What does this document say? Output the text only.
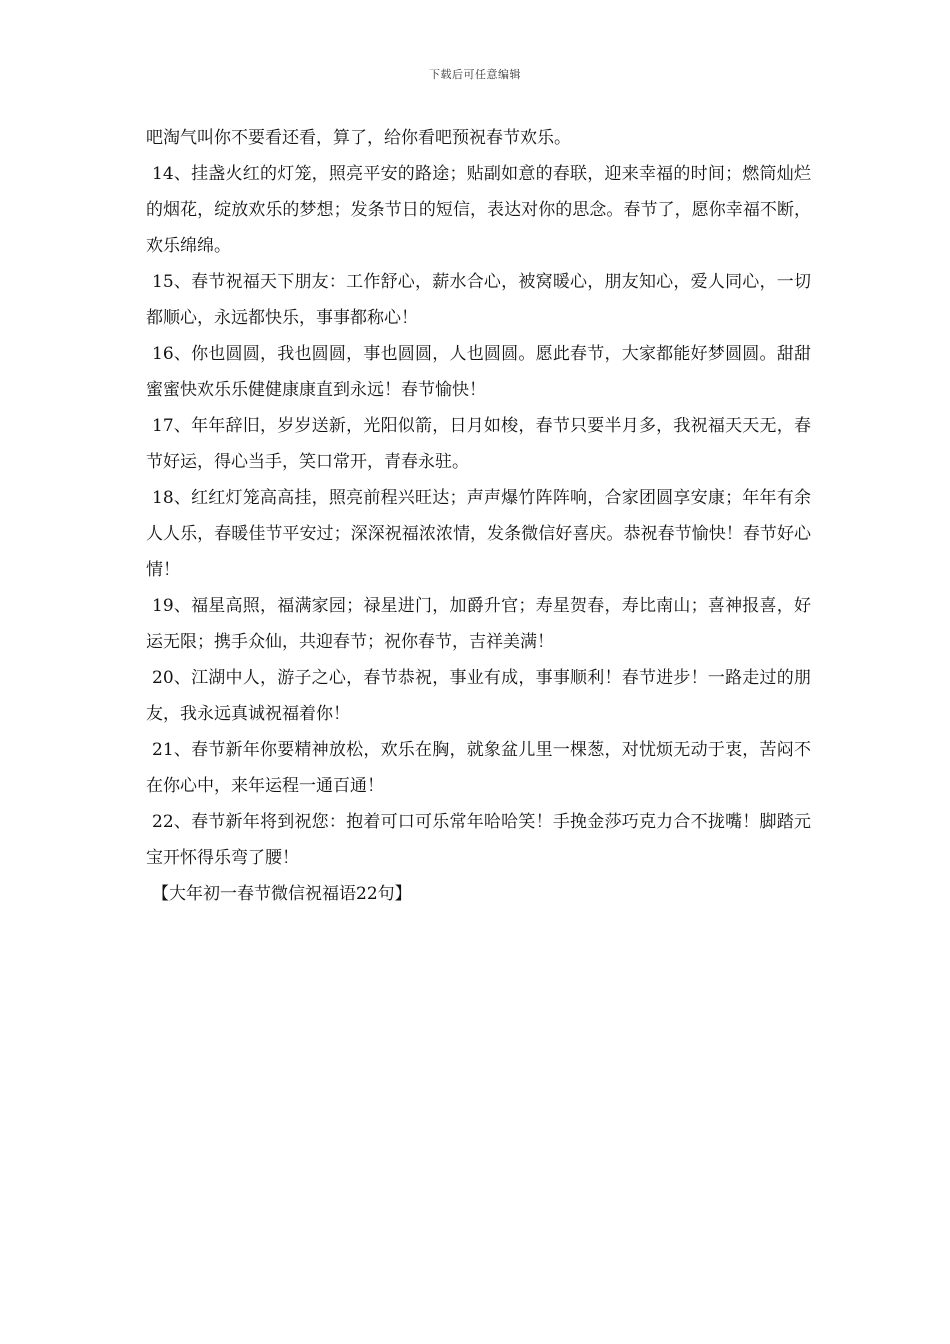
下载后可任意编辑

吧淘气叫你不要看还看，算了，给你看吧预祝春节欢乐。

14、挂盏火红的灯笼，照亮平安的路途；贴副如意的春联，迎来幸福的时间；燃筒灿烂的烟花，绽放欢乐的梦想；发条节日的短信，表达对你的思念。春节了，愿你幸福不断，欢乐绵绵。

15、春节祝福天下朋友：工作舒心，薪水合心，被窝暖心，朋友知心，爱人同心，一切都顺心，永远都快乐，事事都称心！

16、你也圆圆，我也圆圆，事也圆圆，人也圆圆。愿此春节，大家都能好梦圆圆。甜甜蜜蜜快欢乐乐健健康康直到永远！春节愉快！

17、年年辞旧，岁岁送新，光阳似箭，日月如梭，春节只要半月多，我祝福天天无，春节好运，得心当手，笑口常开，青春永驻。

18、红红灯笼高高挂，照亮前程兴旺达；声声爆竹阵阵响，合家团圆享安康；年年有余人人乐，春暖佳节平安过；深深祝福浓浓情，发条微信好喜庆。恭祝春节愉快！春节好心情！

19、福星高照，福满家园；禄星进门，加爵升官；寿星贺春，寿比南山；喜神报喜，好运无限；携手众仙，共迎春节；祝你春节，吉祥美满！

20、江湖中人，游子之心，春节恭祝，事业有成，事事顺利！春节进步！一路走过的朋友，我永远真诚祝福着你！

21、春节新年你要精神放松，欢乐在胸，就象盆儿里一棵葱，对忧烦无动于衷，苦闷不在你心中，来年运程一通百通！

22、春节新年将到祝您：抱着可口可乐常年哈哈笑！手挽金莎巧克力合不拢嘴！脚踏元宝开怀得乐弯了腰！

【大年初一春节微信祝福语22句】
